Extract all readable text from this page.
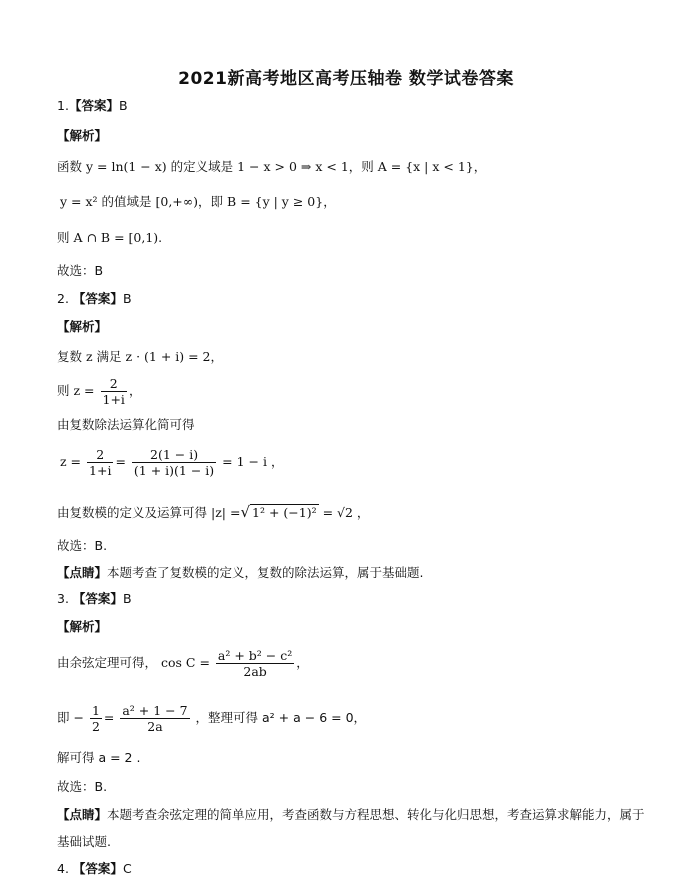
2021新高考地区高考压轴卷 数学试卷答案
1.【答案】B
【解析】
函数 y = ln(1 − x) 的定义域是 1 − x > 0 ⇒ x < 1，则 A = {x | x < 1}，
y = x² 的值域是 [0,+∞)，即 B = {y | y ≥ 0}，
则 A ∩ B = [0,1).
故选：B
2. 【答案】B
【解析】
复数 z 满足 z · (1 + i) = 2，
则 $z = \frac{2}{1+i}$ ，
由复数除法运算化简可得
$z = \frac{2}{1+i} = \frac{2(1 - i)}{(1 + i)(1 - i)} = 1 - i$ ，
由复数模的定义及运算可得 |z| =√ 1² + (−1)² = √2 ，
故选：B.
【点睛】本题考查了复数模的定义，复数的除法运算，属于基础题.
3. 【答案】B
【解析】
由余弦定理可得， $\cos C = \frac{\text{a² + b² − c²}}{2ab}$ ，
即 − $\frac{1}{2} = \frac{\text{a² + 1 − 7}}{2a}$ ，整理可得 a² + a − 6 = 0，
解可得 a = 2 .
故选：B.
【点睛】本题考查余弦定理的简单应用，考查函数与方程思想、转化与化归思想，考查运算求解能力，属于
基础试题.
4. 【答案】C
